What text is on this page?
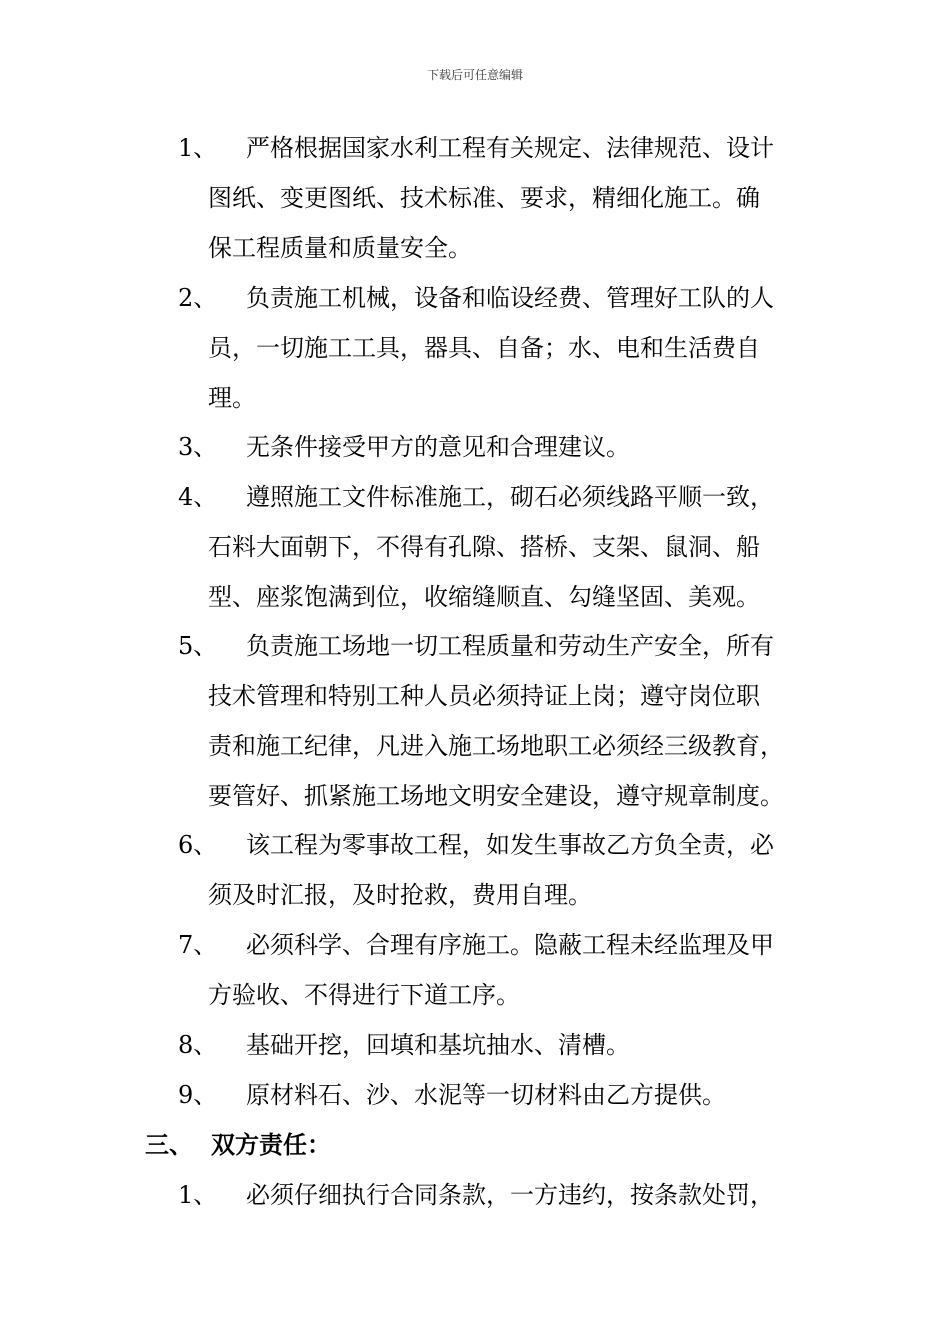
下载后可任意编辑
1、 严格根据国家水利工程有关规定、法律规范、设计
图纸、变更图纸、技术标准、要求，精细化施工。确
保工程质量和质量安全。
2、 负责施工机械，设备和临设经费、管理好工队的人
员，一切施工工具，器具、自备；水、电和生活费自
理。
3、 无条件接受甲方的意见和合理建议。
4、 遵照施工文件标准施工，砌石必须线路平顺一致，
石料大面朝下，不得有孔隙、搭桥、支架、鼠洞、船
型、座浆饱满到位，收缩缝顺直、勾缝坚固、美观。
5、 负责施工场地一切工程质量和劳动生产安全，所有
技术管理和特别工种人员必须持证上岗；遵守岗位职
责和施工纪律，凡进入施工场地职工必须经三级教育，
要管好、抓紧施工场地文明安全建设，遵守规章制度。
6、 该工程为零事故工程，如发生事故乙方负全责，必
须及时汇报，及时抢救，费用自理。
7、 必须科学、合理有序施工。隐蔽工程未经监理及甲
方验收、不得进行下道工序。
8、 基础开挖，回填和基坑抽水、清槽。
9、 原材料石、沙、水泥等一切材料由乙方提供。
三、 双方责任：
1、 必须仔细执行合同条款，一方违约，按条款处罚，
